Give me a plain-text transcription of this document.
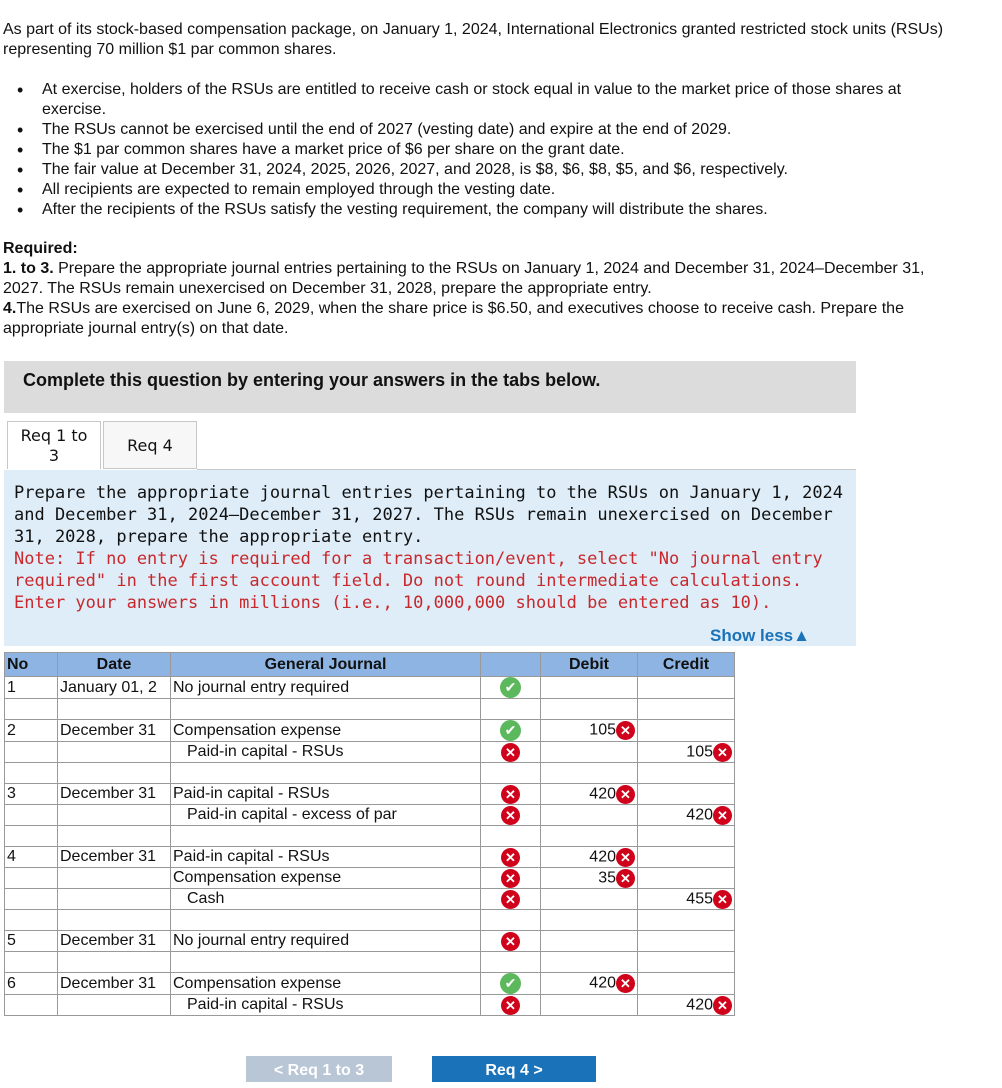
As part of its stock-based compensation package, on January 1, 2024, International Electronics granted restricted stock units (RSUs) representing 70 million $1 par common shares.

• At exercise, holders of the RSUs are entitled to receive cash or stock equal in value to the market price of those shares at exercise.
• The RSUs cannot be exercised until the end of 2027 (vesting date) and expire at the end of 2029.
• The $1 par common shares have a market price of $6 per share on the grant date.
• The fair value at December 31, 2024, 2025, 2026, 2027, and 2028, is $8, $6, $8, $5, and $6, respectively.
• All recipients are expected to remain employed through the vesting date.
• After the recipients of the RSUs satisfy the vesting requirement, the company will distribute the shares.

Required:

1. to 3. Prepare the appropriate journal entries pertaining to the RSUs on January 1, 2024 and December 31, 2024–December 31, 2027. The RSUs remain unexercised on December 31, 2028, prepare the appropriate entry.

4.The RSUs are exercised on June 6, 2029, when the share price is $6.50, and executives choose to receive cash. Prepare the appropriate journal entry(s) on that date.

Complete this question by entering your answers in the tabs below.
Req 1 to
3
Req 4
Prepare the appropriate journal entries pertaining to the RSUs on January 1, 2024 and December 31, 2024–December 31, 2027. The RSUs remain unexercised on December 31, 2028, prepare the appropriate entry.
Note: If no entry is required for a transaction/event, select "No journal entry required" in the first account field. Do not round intermediate calculations. Enter your answers in millions (i.e., 10,000,000 should be entered as 10).
Show less▲
No	Date	General Journal		Debit	Credit
1	January 01, 2	No journal entry required	✔		

2	December 31	Compensation expense	✔	105 ✕	
		Paid-in capital - RSUs	✕		105 ✕

3	December 31	Paid-in capital - RSUs	✕	420 ✕	
		Paid-in capital - excess of par	✕		420 ✕

4	December 31	Paid-in capital - RSUs	✕	420 ✕	
		Compensation expense	✕	35 ✕	
		Cash	✕		455 ✕

5	December 31	No journal entry required	✕		

6	December 31	Compensation expense	✔	420 ✕	
		Paid-in capital - RSUs	✕		420 ✕
< Req 1 to 3	Req 4 >
